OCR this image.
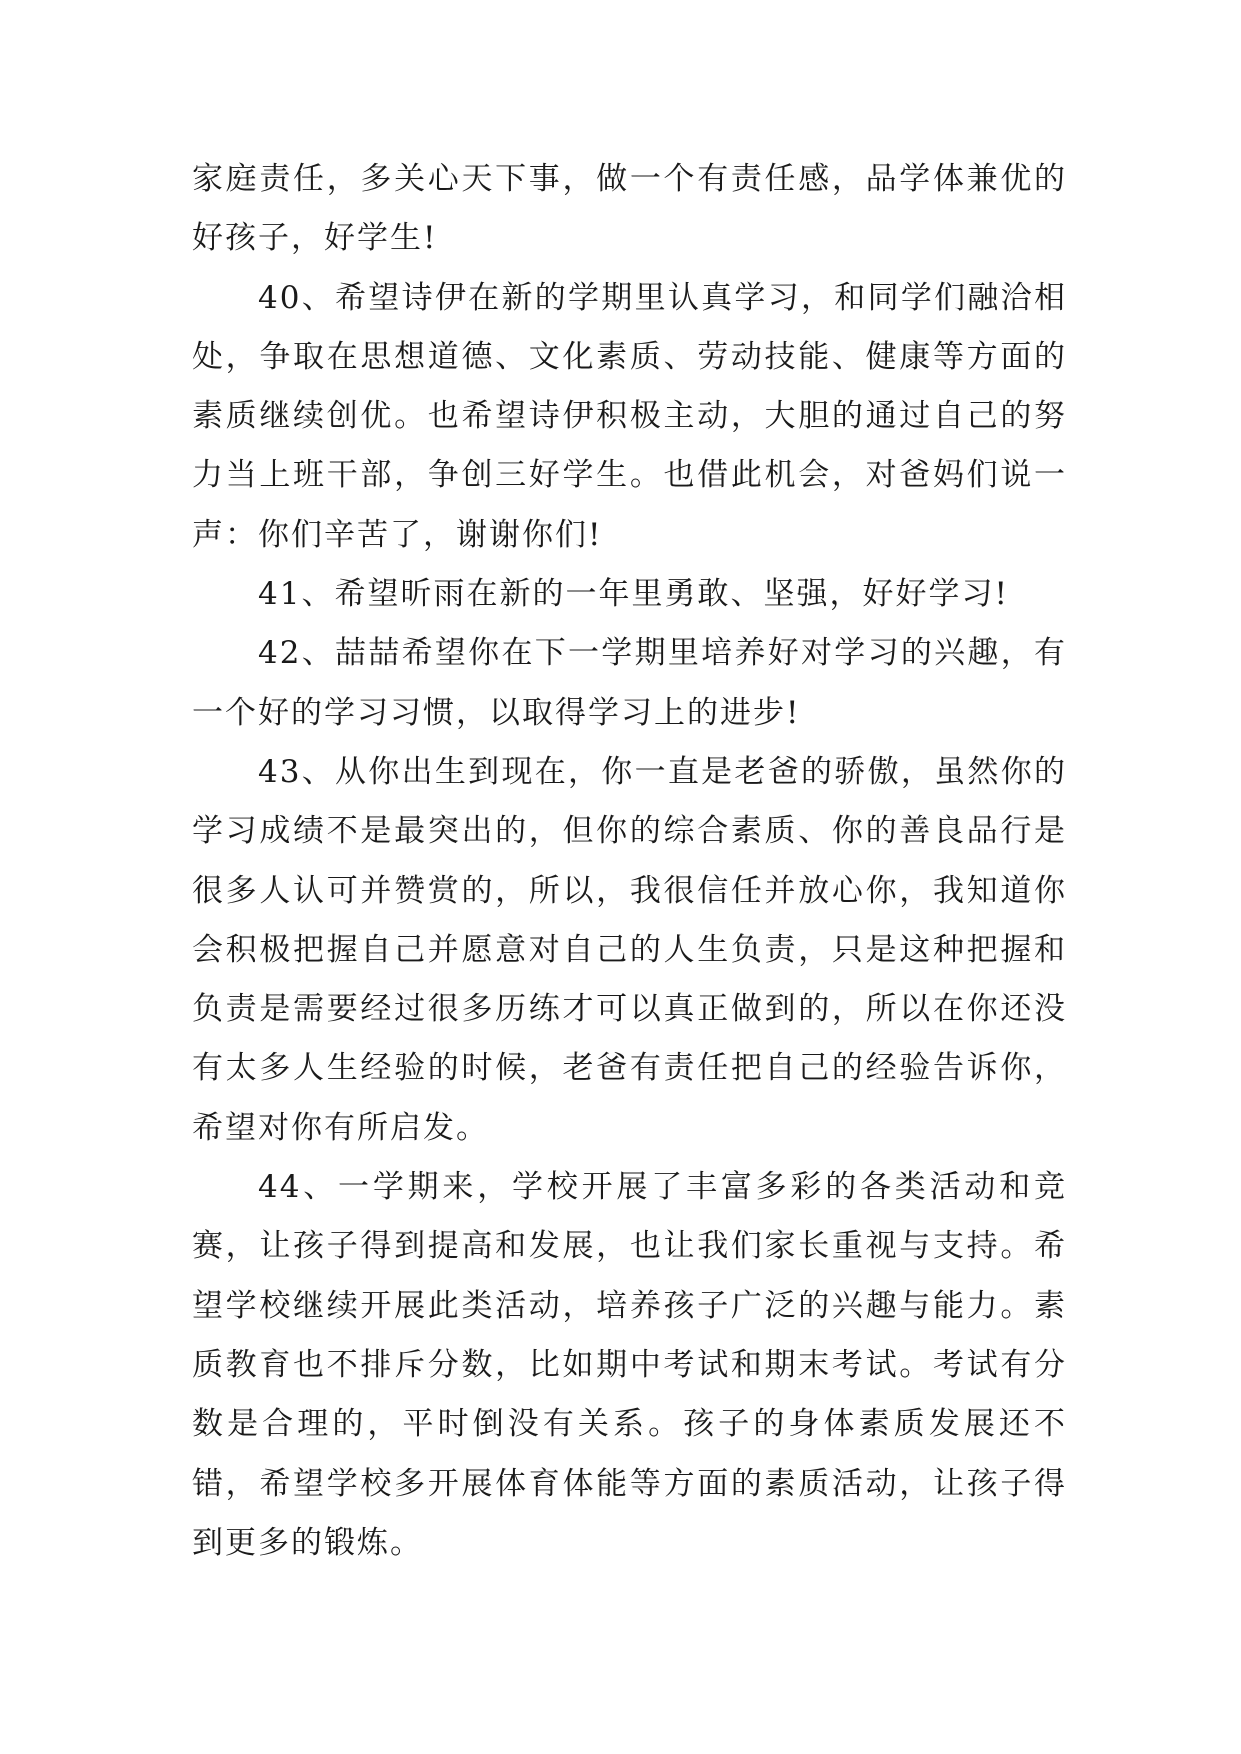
家庭责任，多关心天下事，做一个有责任感，品学体兼优的好孩子，好学生!

40、希望诗伊在新的学期里认真学习，和同学们融洽相处，争取在思想道德、文化素质、劳动技能、健康等方面的素质继续创优。也希望诗伊积极主动，大胆的通过自己的努力当上班干部，争创三好学生。也借此机会，对爸妈们说一声：你们辛苦了，谢谢你们!

41、希望昕雨在新的一年里勇敢、坚强，好好学习!

42、喆喆希望你在下一学期里培养好对学习的兴趣，有一个好的学习习惯，以取得学习上的进步!

43、从你出生到现在，你一直是老爸的骄傲，虽然你的学习成绩不是最突出的，但你的综合素质、你的善良品行是很多人认可并赞赏的，所以，我很信任并放心你，我知道你会积极把握自己并愿意对自己的人生负责，只是这种把握和负责是需要经过很多历练才可以真正做到的，所以在你还没有太多人生经验的时候，老爸有责任把自己的经验告诉你，希望对你有所启发。

44、一学期来，学校开展了丰富多彩的各类活动和竞赛，让孩子得到提高和发展，也让我们家长重视与支持。希望学校继续开展此类活动，培养孩子广泛的兴趣与能力。素质教育也不排斥分数，比如期中考试和期末考试。考试有分数是合理的，平时倒没有关系。孩子的身体素质发展还不错，希望学校多开展体育体能等方面的素质活动，让孩子得到更多的锻炼。
